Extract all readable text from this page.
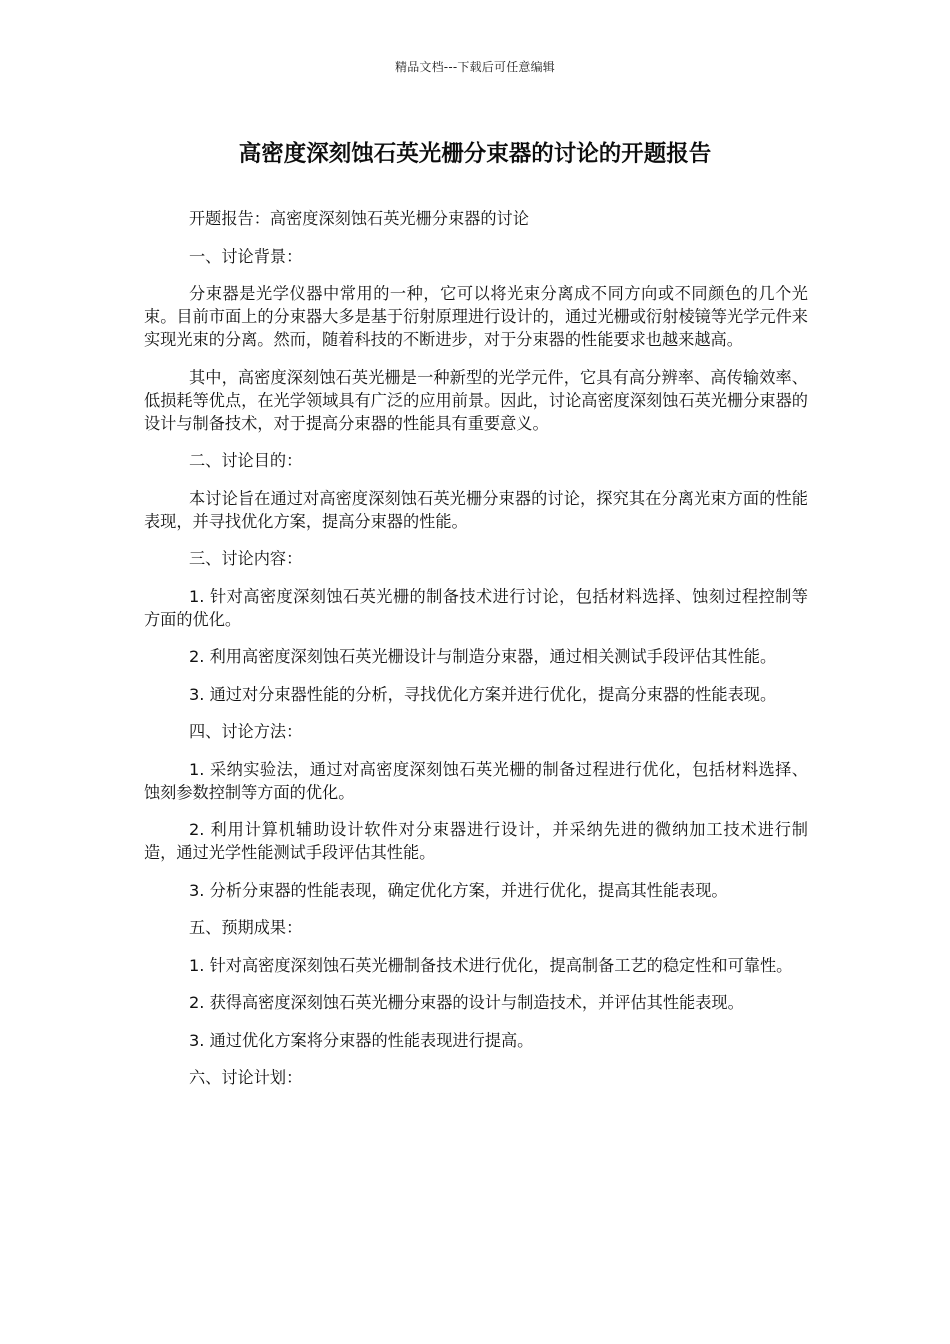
精品文档---下载后可任意编辑
高密度深刻蚀石英光栅分束器的讨论的开题报告

开题报告：高密度深刻蚀石英光栅分束器的讨论

一、讨论背景：

分束器是光学仪器中常用的一种，它可以将光束分离成不同方向或不同颜色的几个光束。目前市面上的分束器大多是基于衍射原理进行设计的，通过光栅或衍射棱镜等光学元件来实现光束的分离。然而，随着科技的不断进步，对于分束器的性能要求也越来越高。

其中，高密度深刻蚀石英光栅是一种新型的光学元件，它具有高分辨率、高传输效率、低损耗等优点，在光学领域具有广泛的应用前景。因此，讨论高密度深刻蚀石英光栅分束器的设计与制备技术，对于提高分束器的性能具有重要意义。

二、讨论目的：

本讨论旨在通过对高密度深刻蚀石英光栅分束器的讨论，探究其在分离光束方面的性能表现，并寻找优化方案，提高分束器的性能。

三、讨论内容：

1. 针对高密度深刻蚀石英光栅的制备技术进行讨论，包括材料选择、蚀刻过程控制等方面的优化。

2. 利用高密度深刻蚀石英光栅设计与制造分束器，通过相关测试手段评估其性能。

3. 通过对分束器性能的分析，寻找优化方案并进行优化，提高分束器的性能表现。

四、讨论方法：

1. 采纳实验法，通过对高密度深刻蚀石英光栅的制备过程进行优化，包括材料选择、蚀刻参数控制等方面的优化。

2. 利用计算机辅助设计软件对分束器进行设计，并采纳先进的微纳加工技术进行制造，通过光学性能测试手段评估其性能。

3. 分析分束器的性能表现，确定优化方案，并进行优化，提高其性能表现。

五、预期成果：

1. 针对高密度深刻蚀石英光栅制备技术进行优化，提高制备工艺的稳定性和可靠性。

2. 获得高密度深刻蚀石英光栅分束器的设计与制造技术，并评估其性能表现。

3. 通过优化方案将分束器的性能表现进行提高。

六、讨论计划：
